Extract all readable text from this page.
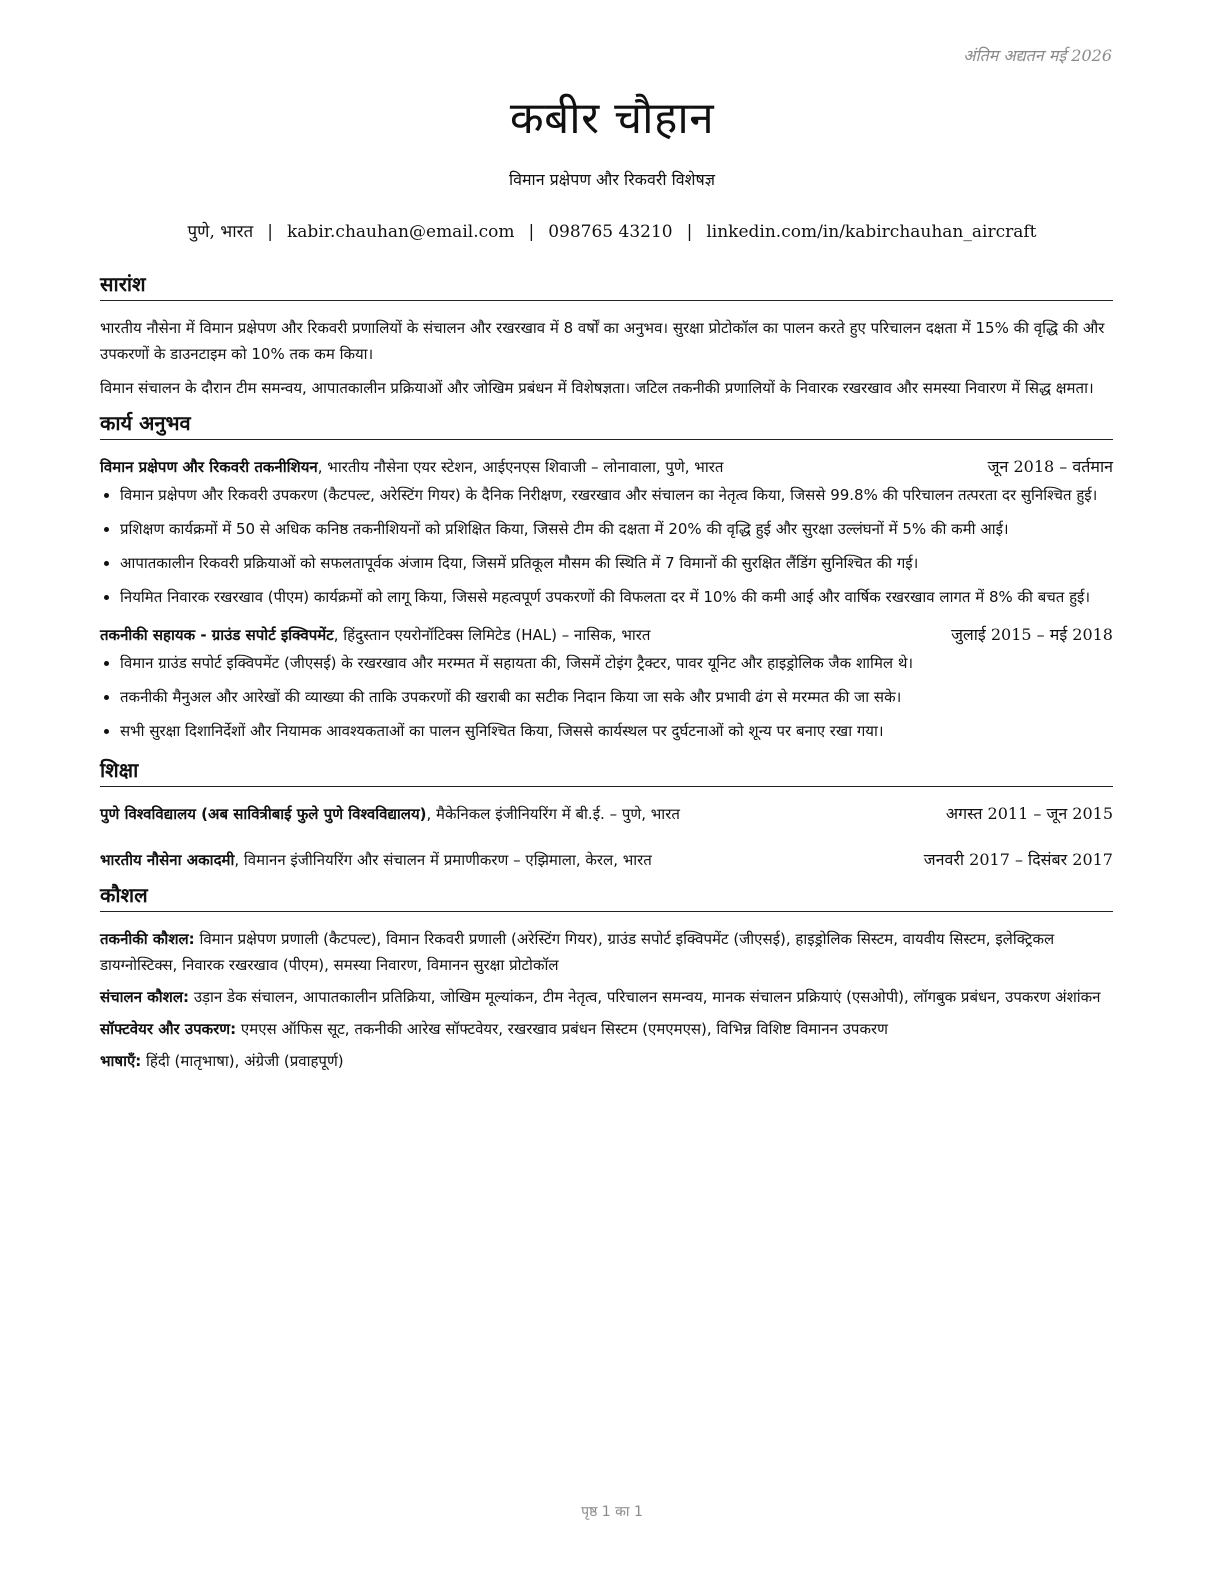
अंतिम अद्यतन मई 2026
कबीर चौहान
विमान प्रक्षेपण और रिकवरी विशेषज्ञ
पुणे, भारत | kabir.chauhan@email.com | 098765 43210 | linkedin.com/in/kabirchauhan_aircraft
सारांश

भारतीय नौसेना में विमान प्रक्षेपण और रिकवरी प्रणालियों के संचालन और रखरखाव में 8 वर्षों का अनुभव। सुरक्षा प्रोटोकॉल का पालन करते हुए परिचालन दक्षता में 15% की वृद्धि की और उपकरणों के डाउनटाइम को 10% तक कम किया।

विमान संचालन के दौरान टीम समन्वय, आपातकालीन प्रक्रियाओं और जोखिम प्रबंधन में विशेषज्ञता। जटिल तकनीकी प्रणालियों के निवारक रखरखाव और समस्या निवारण में सिद्ध क्षमता।

कार्य अनुभव
विमान प्रक्षेपण और रिकवरी तकनीशियन, भारतीय नौसेना एयर स्टेशन, आईएनएस शिवाजी – लोनावाला, पुणे, भारत	जून 2018 – वर्तमान
• विमान प्रक्षेपण और रिकवरी उपकरण (कैटपल्ट, अरेस्टिंग गियर) के दैनिक निरीक्षण, रखरखाव और संचालन का नेतृत्व किया, जिससे 99.8% की परिचालन तत्परता दर सुनिश्चित हुई।
• प्रशिक्षण कार्यक्रमों में 50 से अधिक कनिष्ठ तकनीशियनों को प्रशिक्षित किया, जिससे टीम की दक्षता में 20% की वृद्धि हुई और सुरक्षा उल्लंघनों में 5% की कमी आई।
• आपातकालीन रिकवरी प्रक्रियाओं को सफलतापूर्वक अंजाम दिया, जिसमें प्रतिकूल मौसम की स्थिति में 7 विमानों की सुरक्षित लैंडिंग सुनिश्चित की गई।
• नियमित निवारक रखरखाव (पीएम) कार्यक्रमों को लागू किया, जिससे महत्वपूर्ण उपकरणों की विफलता दर में 10% की कमी आई और वार्षिक रखरखाव लागत में 8% की बचत हुई।
तकनीकी सहायक - ग्राउंड सपोर्ट इक्विपमेंट, हिंदुस्तान एयरोनॉटिक्स लिमिटेड (HAL) – नासिक, भारत	जुलाई 2015 – मई 2018
• विमान ग्राउंड सपोर्ट इक्विपमेंट (जीएसई) के रखरखाव और मरम्मत में सहायता की, जिसमें टोइंग ट्रैक्टर, पावर यूनिट और हाइड्रोलिक जैक शामिल थे।
• तकनीकी मैनुअल और आरेखों की व्याख्या की ताकि उपकरणों की खराबी का सटीक निदान किया जा सके और प्रभावी ढंग से मरम्मत की जा सके।
• सभी सुरक्षा दिशानिर्देशों और नियामक आवश्यकताओं का पालन सुनिश्चित किया, जिससे कार्यस्थल पर दुर्घटनाओं को शून्य पर बनाए रखा गया।
शिक्षा
पुणे विश्वविद्यालय (अब सावित्रीबाई फुले पुणे विश्वविद्यालय), मैकेनिकल इंजीनियरिंग में बी.ई. – पुणे, भारत	अगस्त 2011 – जून 2015
भारतीय नौसेना अकादमी, विमानन इंजीनियरिंग और संचालन में प्रमाणीकरण – एझिमाला, केरल, भारत	जनवरी 2017 – दिसंबर 2017
कौशल
तकनीकी कौशल: विमान प्रक्षेपण प्रणाली (कैटपल्ट), विमान रिकवरी प्रणाली (अरेस्टिंग गियर), ग्राउंड सपोर्ट इक्विपमेंट (जीएसई), हाइड्रोलिक सिस्टम, वायवीय सिस्टम, इलेक्ट्रिकल डायग्नोस्टिक्स, निवारक रखरखाव (पीएम), समस्या निवारण, विमानन सुरक्षा प्रोटोकॉल
संचालन कौशल: उड़ान डेक संचालन, आपातकालीन प्रतिक्रिया, जोखिम मूल्यांकन, टीम नेतृत्व, परिचालन समन्वय, मानक संचालन प्रक्रियाएं (एसओपी), लॉगबुक प्रबंधन, उपकरण अंशांकन
सॉफ्टवेयर और उपकरण: एमएस ऑफिस सूट, तकनीकी आरेख सॉफ्टवेयर, रखरखाव प्रबंधन सिस्टम (एमएमएस), विभिन्न विशिष्ट विमानन उपकरण
भाषाएँ: हिंदी (मातृभाषा), अंग्रेजी (प्रवाहपूर्ण)
पृष्ठ 1 का 1
